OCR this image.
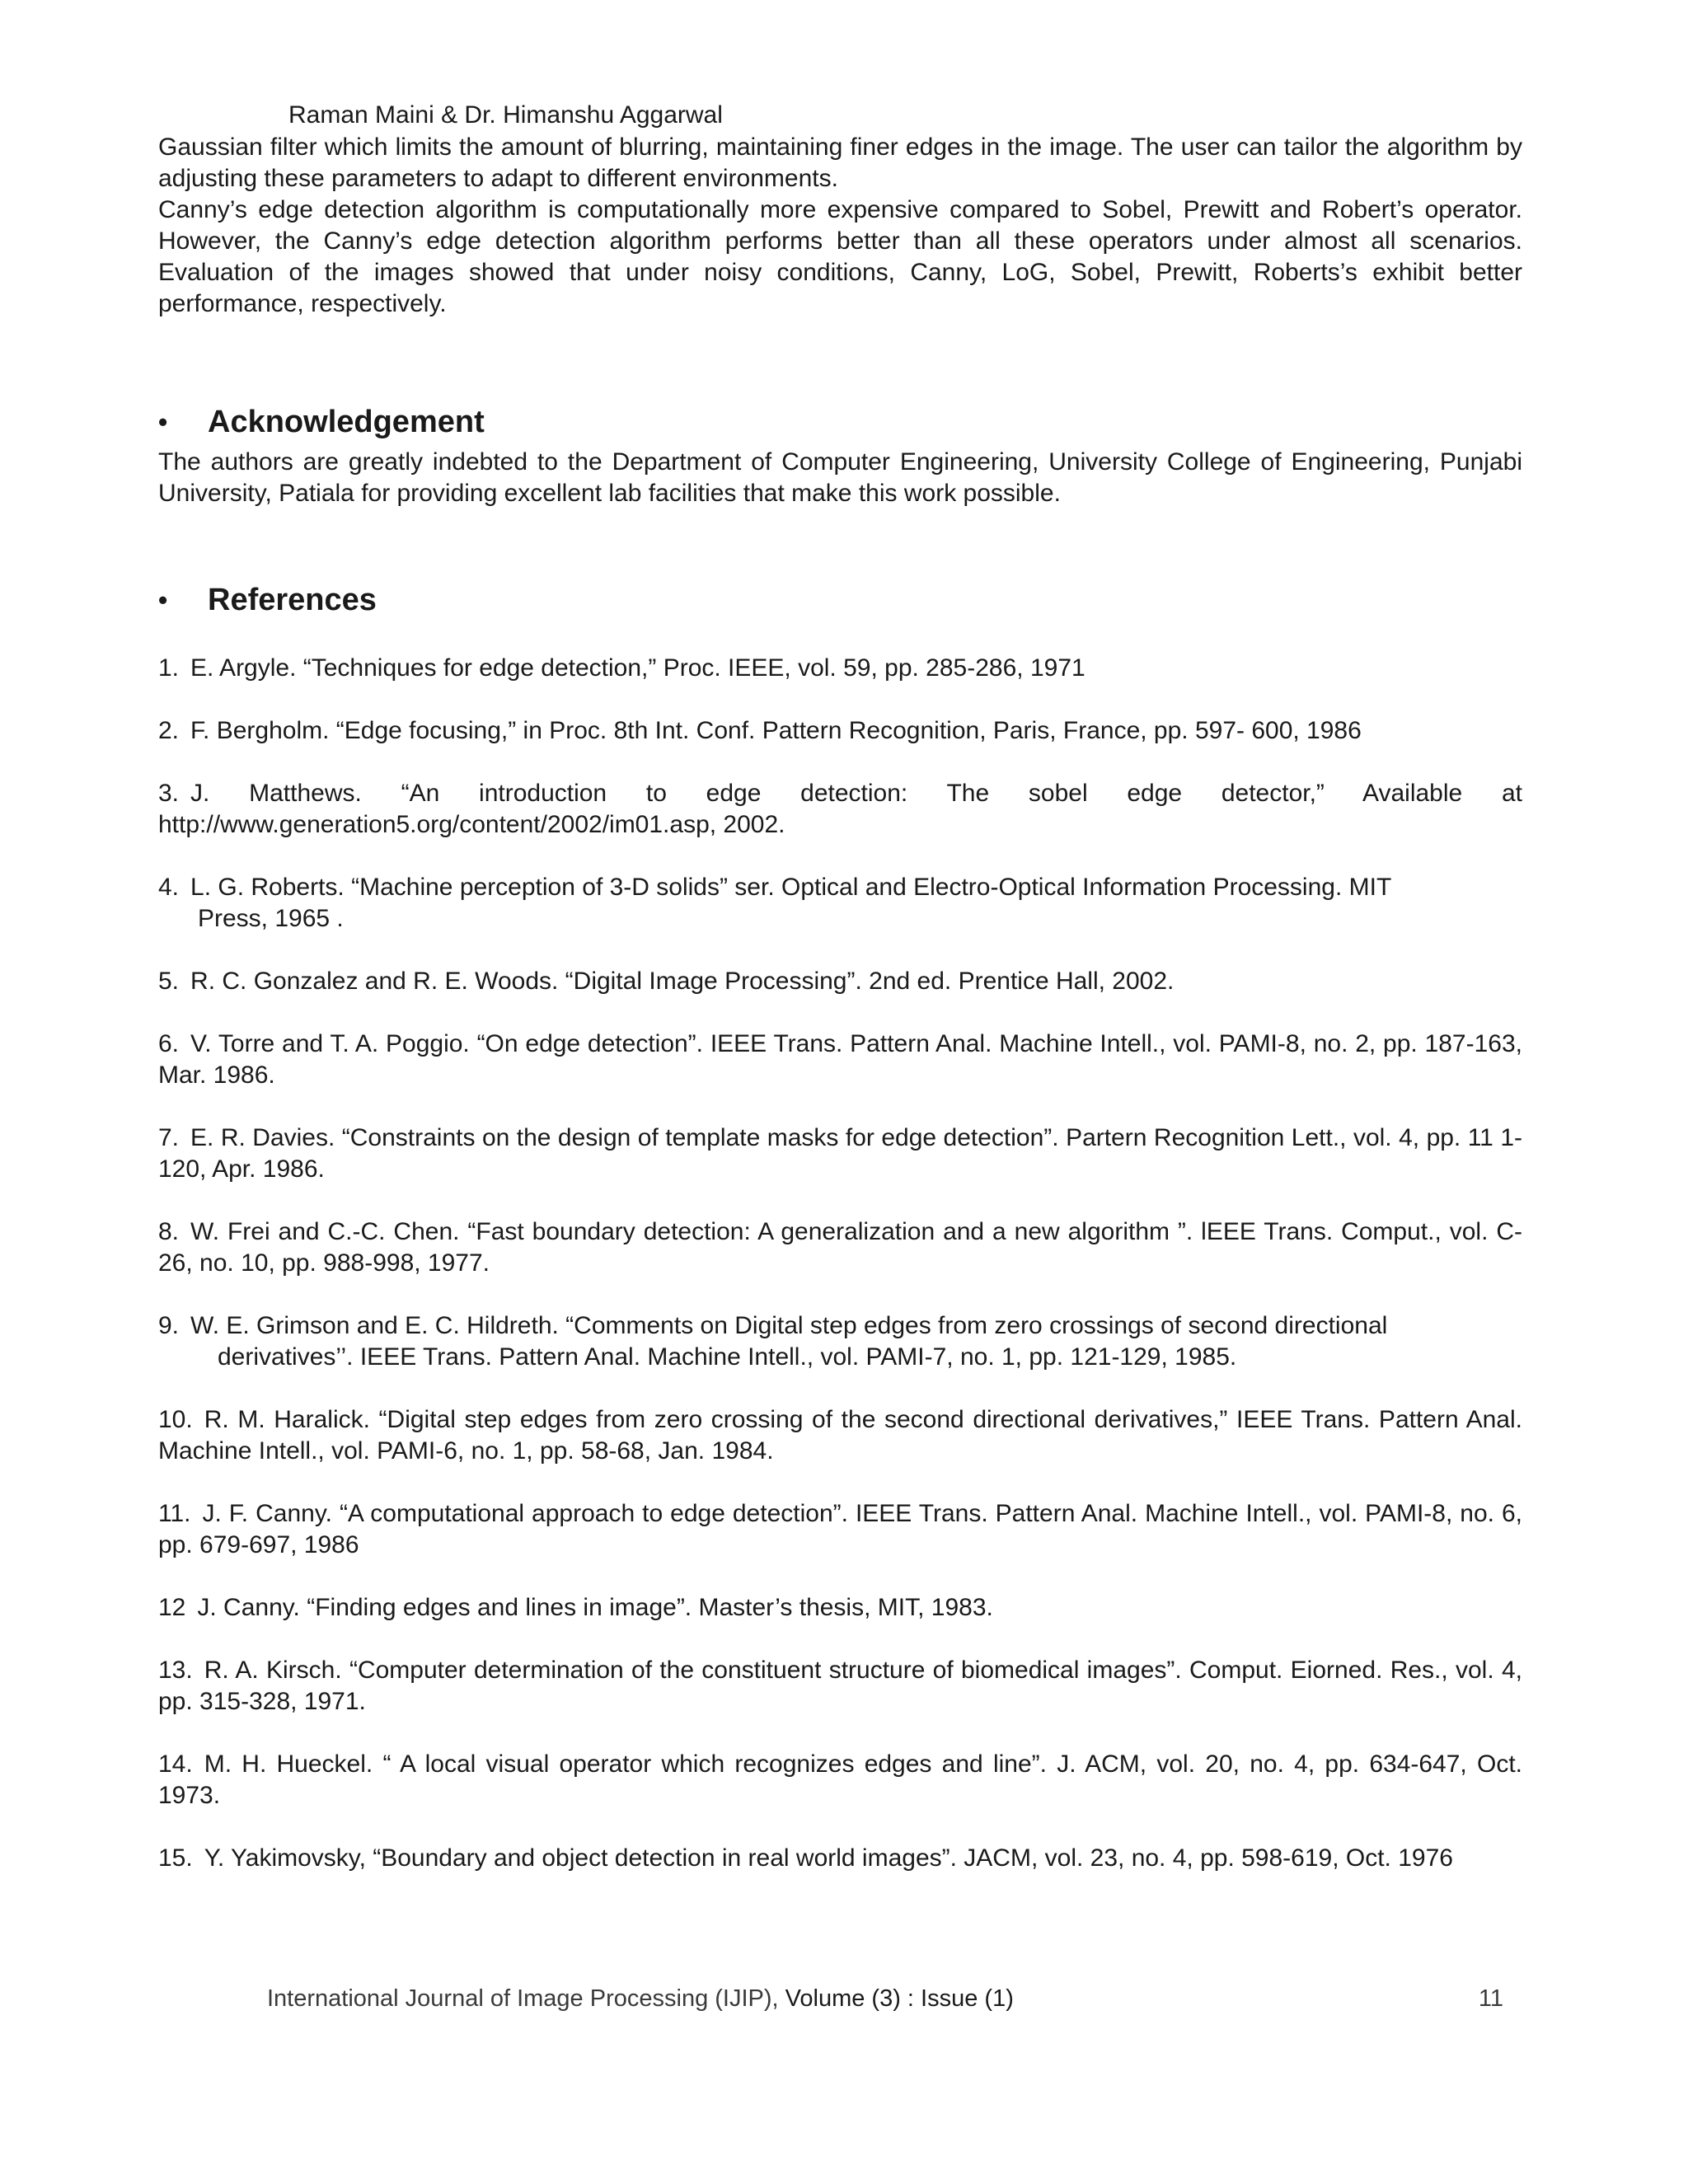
Raman Maini & Dr. Himanshu Aggarwal

Gaussian filter which limits the amount of blurring, maintaining finer edges in the image. The user can tailor the algorithm by adjusting these parameters to adapt to different environments.

Canny’s edge detection algorithm is computationally more expensive compared to Sobel, Prewitt and Robert’s operator. However, the Canny’s edge detection algorithm performs better than all these operators under almost all scenarios. Evaluation of the images showed that under noisy conditions, Canny, LoG, Sobel, Prewitt, Roberts’s exhibit better performance, respectively.

•	Acknowledgement

The authors are greatly indebted to the Department of Computer Engineering, University College of Engineering, Punjabi University, Patiala for providing excellent lab facilities that make this work possible.

•	References
1. E. Argyle. “Techniques for edge detection,” Proc. IEEE, vol. 59, pp. 285-286, 1971
2. F. Bergholm. “Edge focusing,” in Proc. 8th Int. Conf. Pattern Recognition, Paris, France, pp. 597- 600, 1986
3. J. Matthews. “An introduction to edge detection: The sobel edge detector,” Available at http://www.generation5.org/content/2002/im01.asp, 2002.
4. L. G. Roberts. “Machine perception of 3-D solids” ser. Optical and Electro-Optical Information Processing. MIT
Press, 1965 .
5. R. C. Gonzalez and R. E. Woods. “Digital Image Processing”. 2nd ed. Prentice Hall, 2002.
6. V. Torre and T. A. Poggio. “On edge detection”. IEEE Trans. Pattern Anal. Machine Intell., vol. PAMI-8, no. 2, pp. 187-163, Mar. 1986.
7. E. R. Davies. “Constraints on the design of template masks for edge detection”. Partern Recognition Lett., vol. 4, pp. 11 1-120, Apr. 1986.
8. W. Frei and C.-C. Chen. “Fast boundary detection: A generalization and a new algorithm ”. lEEE Trans. Comput., vol. C-26, no. 10, pp. 988-998, 1977.
9. W. E. Grimson and E. C. Hildreth. “Comments on Digital step edges from zero crossings of second directional
derivatives’’. IEEE Trans. Pattern Anal. Machine Intell., vol. PAMI-7, no. 1, pp. 121-129, 1985.
10. R. M. Haralick. “Digital step edges from zero crossing of the second directional derivatives,” IEEE Trans. Pattern Anal. Machine Intell., vol. PAMI-6, no. 1, pp. 58-68, Jan. 1984.
11. J. F. Canny. “A computational approach to edge detection”. IEEE Trans. Pattern Anal. Machine Intell., vol. PAMI-8, no. 6, pp. 679-697, 1986
12 J. Canny. “Finding edges and lines in image”. Master’s thesis, MIT, 1983.
13. R. A. Kirsch. “Computer determination of the constituent structure of biomedical images”. Comput. Eiorned. Res., vol. 4, pp. 315-328, 1971.
14. M. H. Hueckel. “ A local visual operator which recognizes edges and line”. J. ACM, vol. 20, no. 4, pp. 634-647, Oct. 1973.
15. Y. Yakimovsky, “Boundary and object detection in real world images”. JACM, vol. 23, no. 4, pp. 598-619, Oct. 1976
International Journal of Image Processing (IJIP), Volume (3) : Issue (1)	11
